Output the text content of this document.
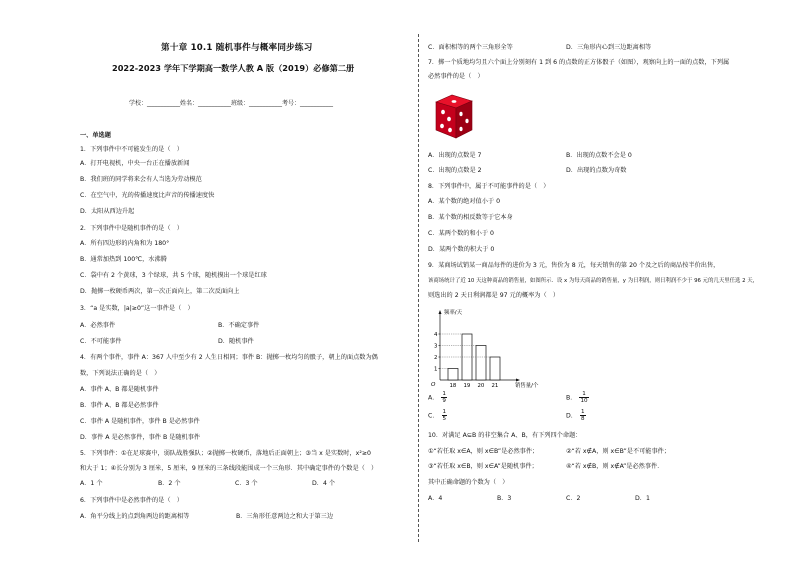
第十章 10.1 随机事件与概率同步练习
2022-2023 学年下学期高一数学人教 A 版（2019）必修第二册
学校：___________姓名：___________班级：___________考号：___________
一、单选题
1．下列事件中不可能发生的是（　）
A．打开电视机，中央一台正在播放新闻
B．我们班的同学将来会有人当选为劳动模范
C．在空气中，光的传播速度比声音的传播速度快
D．太阳从西边升起
2．下列事件中是随机事件的是（　）
A．所有四边形的内角和为 180°
B．通常加热到 100℃，水沸腾
C．袋中有 2 个黄球，3 个绿球，共 5 个球，随机摸出一个球是红球
D．抛掷一枚硬币两次，第一次正面向上，第二次反面向上
3．“a 是实数，|a|≥0”这一事件是（　）
A．必然事件	B．不确定事件
C．不可能事件	D．随机事件
4．有两个事件，事件 A：367 人中至少有 2 人生日相同；事件 B：抛掷一枚均匀的骰子，朝上的面点数为偶
数，下列说法正确的是（　）
A．事件 A、B 都是随机事件
B．事件 A、B 都是必然事件
C．事件 A 是随机事件，事件 B 是必然事件
D．事件 A 是必然事件，事件 B 是随机事件
5．下列事件：①在足球赛中，弱队战胜强队；②抛掷一枚硬币，落地后正面朝上；③当 x 是实数时，x²≥0
和大于 1；④长分别为 3 厘米，5 厘米，9 厘米的三条线段能围成一个三角形．其中确定事件的个数是（　）
A．1 个	B．2 个	C．3 个	D．4 个
6．下列事件中是必然事件的是（　）
A．角平分线上的点到角两边的距离相等	B．三角形任意两边之和大于第三边
C．面积相等的两个三角形全等	D．三角形内心到三边距离相等
7．掷一个质地均匀且六个面上分别刻有 1 到 6 的点数的正方体骰子（如图），观察向上的一面的点数，下列属
必然事件的是（　）
A．出现的点数是 7	B．出现的点数不会是 0
C．出现的点数是 2	D．出现的点数为奇数
8．下列事件中，属于不可能事件的是（　）
A．某个数的绝对值小于 0
B．某个数的相反数等于它本身
C．某两个数的和小于 0
D．某两个数的积大于 0
9．某商场试销某一商品每件的进价为 3 元，售价为 8 元，每天销售的第 20 个及之后的商品按半价出售，
该商场统计了近 10 天这种商品的销售量，如图所示．设 x 为每天商品的销售量，y 为日利润，则日利润不少于 96 元的几天里任选 2 天，
则选出的 2 天日利润都是 97 元的概率为（　）
频率/天
销售量/个
O	18 19 20 21
1
2
3
4
A． $\frac{1}{9}$	B． $\frac{1}{10}$
C． $\frac{1}{5}$	D． $\frac{1}{8}$
10．对满足 A⊆B 的非空集合 A、B，有下列四个命题：
①“若任取 x∈A，则 x∈B”是必然事件；	②“若 x∉A，则 x∈B”是不可能事件；
③“若任取 x∈B，则 x∈A”是随机事件；	④“若 x∉B，则 x∉A”是必然事件．
其中正确命题的个数为（　）
A．4	B．3	C．2	D．1
